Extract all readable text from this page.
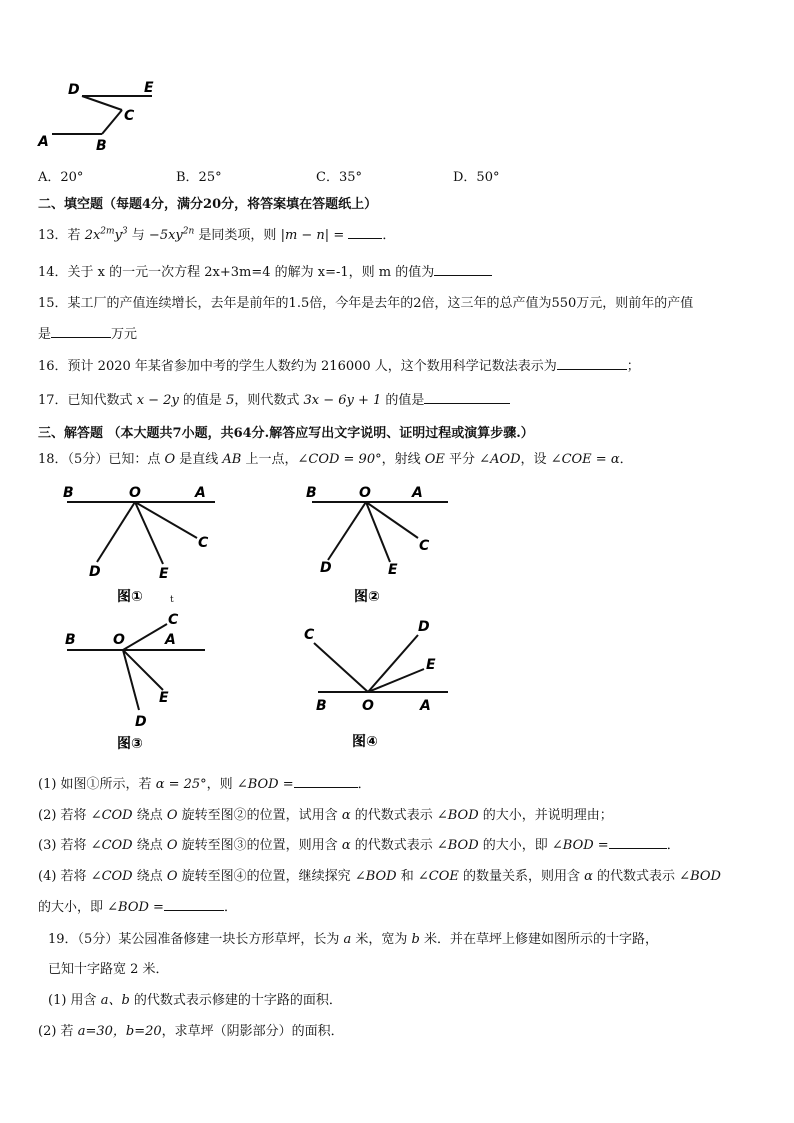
D	E
C
A	B
A．20°	B．25°	C．35°	D．50°
二、填空题（每题4分，满分20分，将答案填在答题纸上）
13．若 $2x^{2m}y^3$ 与 $-5xy^{2n}$ 是同类项，则 |m − n| =	．
14．关于 x 的一元一次方程 2x+3m=4 的解为 x=-1，则 m 的值为
15．某工厂的产值连续增长，去年是前年的1.5倍，今年是去年的2倍，这三年的总产值为550万元，则前年的产值
是	万元
16．预计 2020 年某省参加中考的学生人数约为 216000 人，这个数用科学记数法表示为	；
17．已知代数式 x − 2y 的值是 5，则代数式 3x − 6y + 1 的值是
三、解答题 （本大题共7小题，共64分.解答应写出文字说明、证明过程或演算步骤.）
18．（5分）已知：点 O 是直线 AB 上一点，∠COD = 90°，射线 OE 平分 ∠AOD，设 ∠COE = α．
B	O	A
C
D	E
图①	t
B	O	A
C
D	E
图②
C
B	O	A
E
D
图③
C	D
E
B	O	A
图④
(1) 如图①所示，若 α = 25°，则 ∠BOD =	．
(2) 若将 ∠COD 绕点 O 旋转至图②的位置，试用含 α 的代数式表示 ∠BOD 的大小，并说明理由；
(3) 若将 ∠COD 绕点 O 旋转至图③的位置，则用含 α 的代数式表示 ∠BOD 的大小，即 ∠BOD =	．
(4) 若将 ∠COD 绕点 O 旋转至图④的位置，继续探究 ∠BOD 和 ∠COE 的数量关系，则用含 α 的代数式表示 ∠BOD
的大小，即 ∠BOD =	．
19．（5分）某公园准备修建一块长方形草坪，长为 a 米，宽为 b 米．并在草坪上修建如图所示的十字路，
已知十字路宽 2 米．
(1) 用含 a、b 的代数式表示修建的十字路的面积．
(2) 若 a=30，b=20，求草坪（阴影部分）的面积．
